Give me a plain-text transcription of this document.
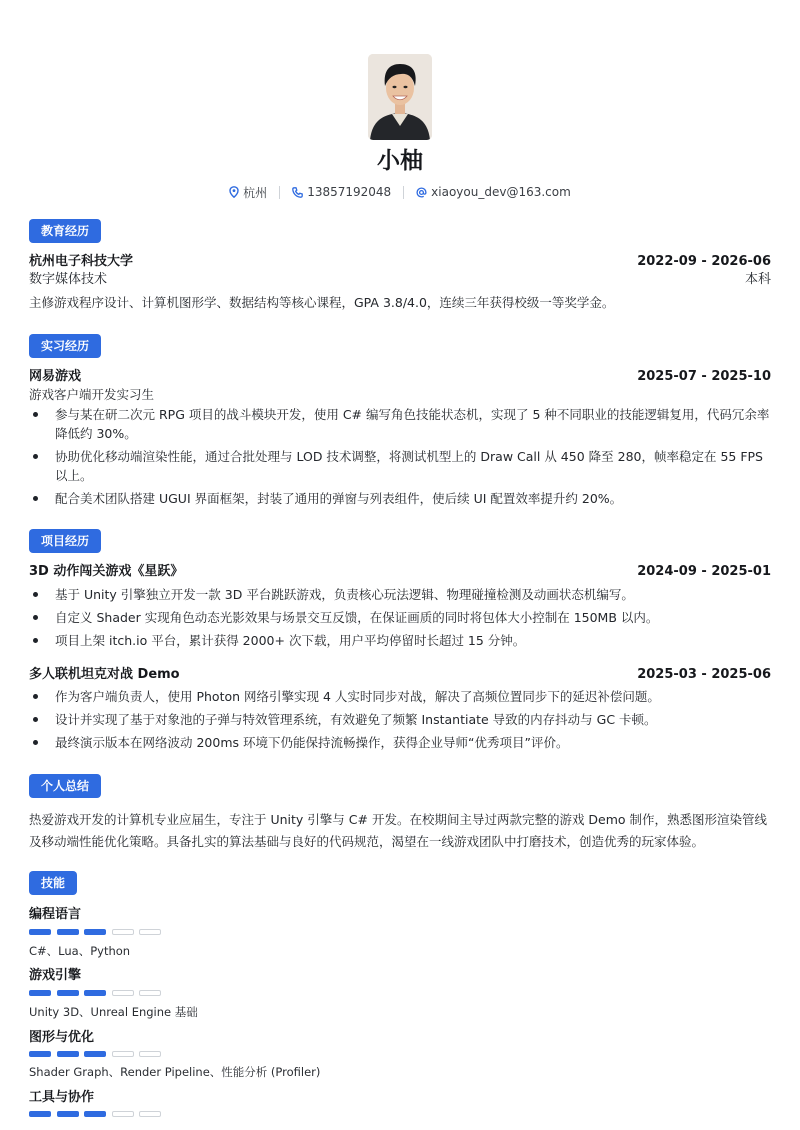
小柚
杭州	13857192048	xiaoyou_dev@163.com
教育经历
杭州电子科技大学	2022-09 - 2026-06
数字媒体技术	本科
主修游戏程序设计、计算机图形学、数据结构等核心课程，GPA 3.8/4.0，连续三年获得校级一等奖学金。
实习经历
网易游戏	2025-07 - 2025-10
游戏客户端开发实习生
参与某在研二次元 RPG 项目的战斗模块开发，使用 C# 编写角色技能状态机，实现了 5 种不同职业的技能逻辑复用，代码冗余率降低约 30%。
协助优化移动端渲染性能，通过合批处理与 LOD 技术调整，将测试机型上的 Draw Call 从 450 降至 280，帧率稳定在 55 FPS 以上。
配合美术团队搭建 UGUI 界面框架，封装了通用的弹窗与列表组件，使后续 UI 配置效率提升约 20%。
项目经历
3D 动作闯关游戏《星跃》	2024-09 - 2025-01
基于 Unity 引擎独立开发一款 3D 平台跳跃游戏，负责核心玩法逻辑、物理碰撞检测及动画状态机编写。
自定义 Shader 实现角色动态光影效果与场景交互反馈，在保证画质的同时将包体大小控制在 150MB 以内。
项目上架 itch.io 平台，累计获得 2000+ 次下载，用户平均停留时长超过 15 分钟。
多人联机坦克对战 Demo	2025-03 - 2025-06
作为客户端负责人，使用 Photon 网络引擎实现 4 人实时同步对战，解决了高频位置同步下的延迟补偿问题。
设计并实现了基于对象池的子弹与特效管理系统，有效避免了频繁 Instantiate 导致的内存抖动与 GC 卡顿。
最终演示版本在网络波动 200ms 环境下仍能保持流畅操作，获得企业导师“优秀项目”评价。
个人总结
热爱游戏开发的计算机专业应届生，专注于 Unity 引擎与 C# 开发。在校期间主导过两款完整的游戏 Demo 制作，熟悉图形渲染管线及移动端性能优化策略。具备扎实的算法基础与良好的代码规范，渴望在一线游戏团队中打磨技术，创造优秀的玩家体验。
技能
编程语言
C#、Lua、Python
游戏引擎
Unity 3D、Unreal Engine 基础
图形与优化
Shader Graph、Render Pipeline、性能分析 (Profiler)
工具与协作
